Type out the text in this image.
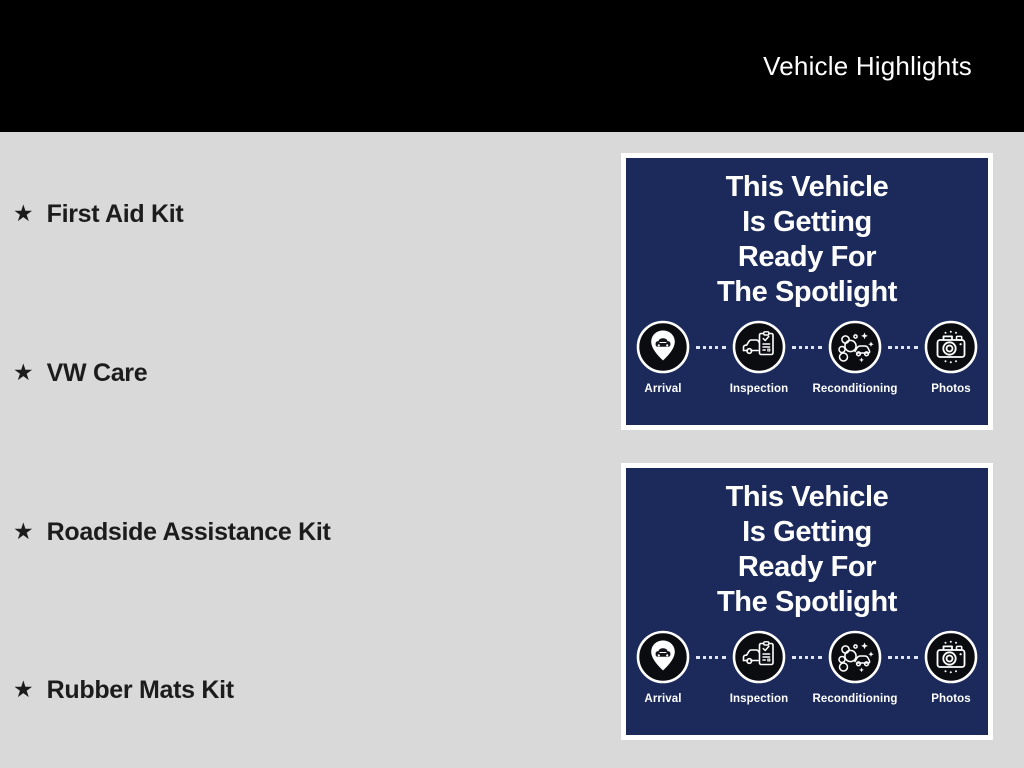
Vehicle Highlights
★ First Aid Kit
★ VW Care
★ Roadside Assistance Kit
★ Rubber Mats Kit
This Vehicle
Is Getting
Ready For
The Spotlight
Arrival	Inspection Reconditioning	Photos
This Vehicle
Is Getting
Ready For
The Spotlight
Arrival	Inspection Reconditioning	Photos
